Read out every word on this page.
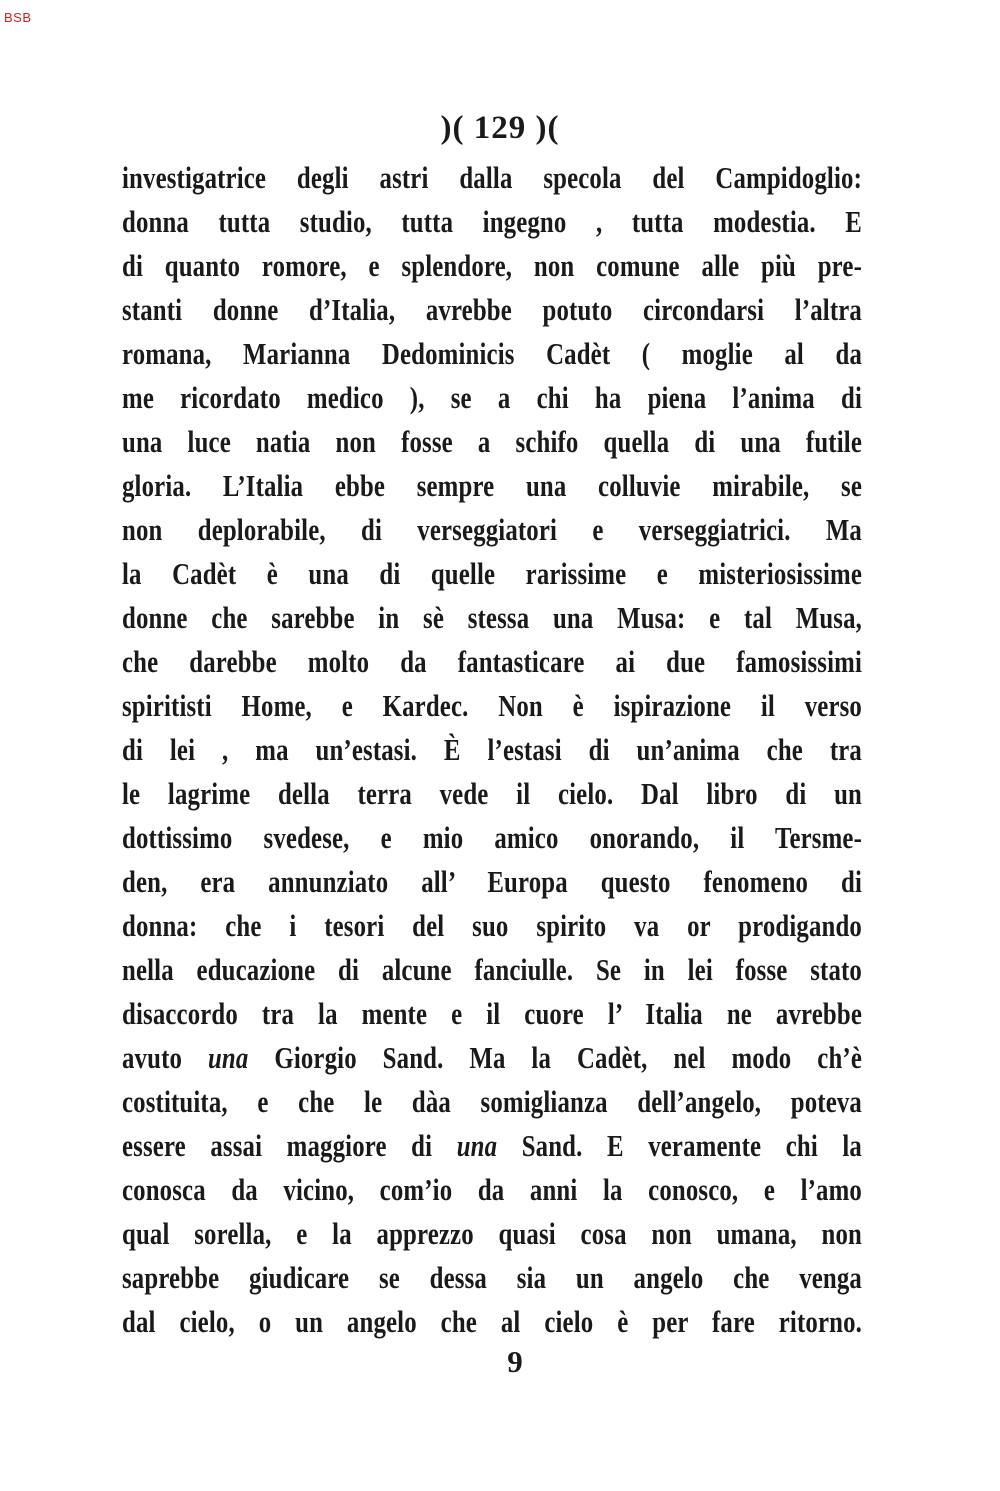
BSB
)( 129 )(
investigatrice degli astri dalla specola del Campidoglio:
donna tutta studio, tutta ingegno , tutta modestia. E
di quanto romore, e splendore, non comune alle più pre-
stanti donne d’Italia, avrebbe potuto circondarsi l’altra
romana, Marianna Dedominicis Cadèt ( moglie al da
me ricordato medico ), se a chi ha piena l’anima di
una luce natia non fosse a schifo quella di una futile
gloria. L’Italia ebbe sempre una colluvie mirabile, se
non deplorabile, di verseggiatori e verseggiatrici. Ma
la Cadèt è una di quelle rarissime e misteriosissime
donne che sarebbe in sè stessa una Musa: e tal Musa,
che darebbe molto da fantasticare ai due famosissimi
spiritisti Home, e Kardec. Non è ispirazione il verso
di lei , ma un’estasi. È l’estasi di un’anima che tra
le lagrime della terra vede il cielo. Dal libro di un
dottissimo svedese, e mio amico onorando, il Tersme-
den, era annunziato all’ Europa questo fenomeno di
donna: che i tesori del suo spirito va or prodigando
nella educazione di alcune fanciulle. Se in lei fosse stato
disaccordo tra la mente e il cuore l’ Italia ne avrebbe
avuto una Giorgio Sand. Ma la Cadèt, nel modo ch’è
costituita, e che le dàa somiglianza dell’angelo, poteva
essere assai maggiore di una Sand. E veramente chi la
conosca da vicino, com’io da anni la conosco, e l’amo
qual sorella, e la apprezzo quasi cosa non umana, non
saprebbe giudicare se dessa sia un angelo che venga
dal cielo, o un angelo che al cielo è per fare ritorno.
9
